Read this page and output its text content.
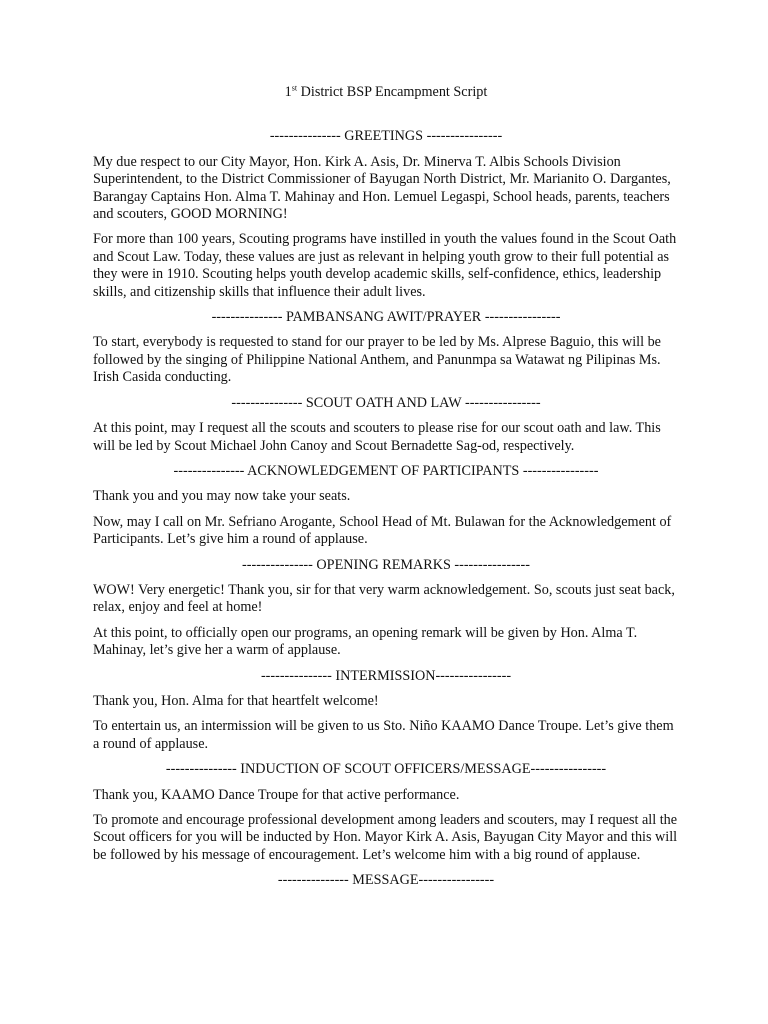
1st District BSP Encampment Script
--------------- GREETINGS ----------------

My due respect to our City Mayor, Hon. Kirk A. Asis, Dr. Minerva T. Albis Schools Division Superintendent, to the District Commissioner of Bayugan North District, Mr. Marianito O. Dargantes, Barangay Captains Hon. Alma T. Mahinay and Hon. Lemuel Legaspi, School heads, parents, teachers and scouters, GOOD MORNING!

For more than 100 years, Scouting programs have instilled in youth the values found in the Scout Oath and Scout Law. Today, these values are just as relevant in helping youth grow to their full potential as they were in 1910. Scouting helps youth develop academic skills, self-confidence, ethics, leadership skills, and citizenship skills that influence their adult lives.

--------------- PAMBANSANG AWIT/PRAYER ----------------

To start, everybody is requested to stand for our prayer to be led by Ms. Alprese Baguio, this will be followed by the singing of Philippine National Anthem, and Panunmpa sa Watawat ng Pilipinas Ms. Irish Casida conducting.

--------------- SCOUT OATH AND LAW ----------------

At this point, may I request all the scouts and scouters to please rise for our scout oath and law. This will be led by Scout Michael John Canoy and Scout Bernadette Sag-od, respectively.

--------------- ACKNOWLEDGEMENT OF PARTICIPANTS ----------------

Thank you and you may now take your seats.

Now, may I call on Mr. Sefriano Arogante, School Head of Mt. Bulawan for the Acknowledgement of Participants. Let’s give him a round of applause.

--------------- OPENING REMARKS ----------------

WOW! Very energetic! Thank you, sir for that very warm acknowledgement. So, scouts just seat back, relax, enjoy and feel at home!

At this point, to officially open our programs, an opening remark will be given by Hon. Alma T. Mahinay, let’s give her a warm of applause.

--------------- INTERMISSION----------------

Thank you, Hon. Alma for that heartfelt welcome!

To entertain us, an intermission will be given to us Sto. Niño KAAMO Dance Troupe. Let’s give them a round of applause.

--------------- INDUCTION OF SCOUT OFFICERS/MESSAGE----------------

Thank you, KAAMO Dance Troupe for that active performance.

To promote and encourage professional development among leaders and scouters, may I request all the Scout officers for you will be inducted by Hon. Mayor Kirk A. Asis, Bayugan City Mayor and this will be followed by his message of encouragement. Let’s welcome him with a big round of applause.

--------------- MESSAGE----------------
